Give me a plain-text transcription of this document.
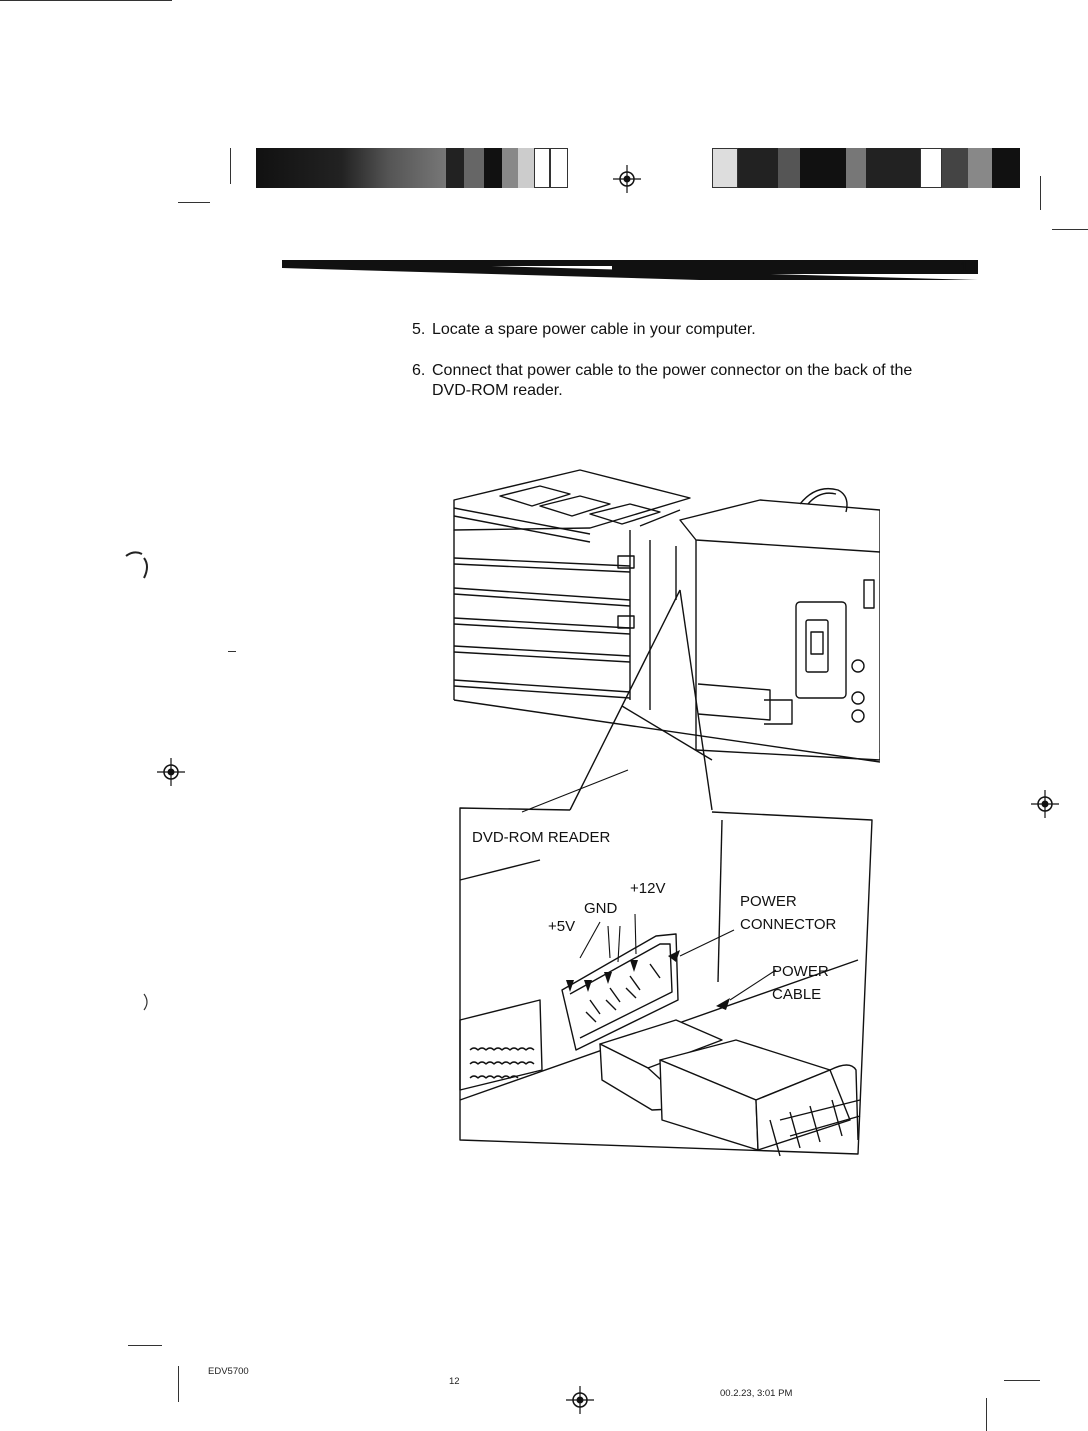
11
5. Locate a spare power cable in your computer.
6. Connect that power cable to the power connector on the back of the
DVD-ROM reader.
DVD-ROM READER
+12V
GND
+5V
POWER
CONNECTOR
POWER
CABLE
EDV5700
12
00.2.23, 3:01 PM
